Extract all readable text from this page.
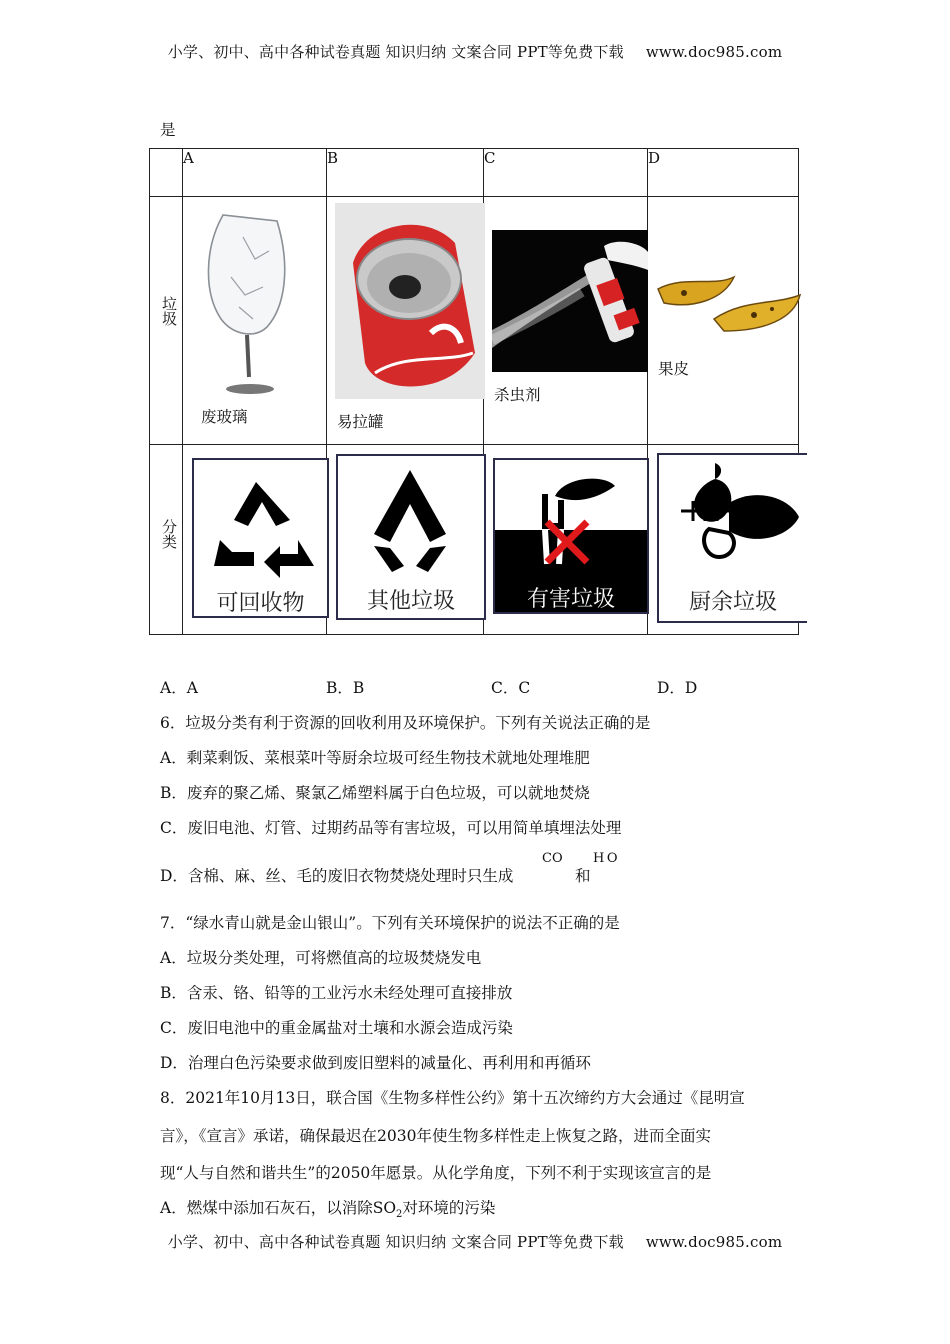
小学、初中、高中各种试卷真题 知识归纳 文案合同 PPT等免费下载 www.doc985.com
是
	A	B	C	D

垃圾	废玻璃	易拉罐	杀虫剂	果皮

分类	可回收物	其他垃圾	有害垃圾	厨余垃圾
A．A	B．B	C．C	D．D
6．垃圾分类有利于资源的回收利用及环境保护。下列有关说法正确的是
A．剩菜剩饭、菜根菜叶等厨余垃圾可经生物技术就地处理堆肥
B．废弃的聚乙烯、聚氯乙烯塑料属于白色垃圾，可以就地焚烧
C．废旧电池、灯管、过期药品等有害垃圾，可以用简单填埋法处理
D．含棉、麻、丝、毛的废旧衣物焚烧处理时只生成
CO
和
H O
7．“绿水青山就是金山银山”。下列有关环境保护的说法不正确的是
A．垃圾分类处理，可将燃值高的垃圾焚烧发电
B．含汞、铬、铅等的工业污水未经处理可直接排放
C．废旧电池中的重金属盐对土壤和水源会造成污染
D．治理白色污染要求做到废旧塑料的减量化、再利用和再循环
8．2021年10月13日，联合国《生物多样性公约》第十五次缔约方大会通过《昆明宣
言》，《宣言》承诺，确保最迟在2030年使生物多样性走上恢复之路，进而全面实
现“人与自然和谐共生”的2050年愿景。从化学角度，下列不利于实现该宣言的是
A．燃煤中添加石灰石，以消除$SO_2$对环境的污染
小学、初中、高中各种试卷真题 知识归纳 文案合同 PPT等免费下载 www.doc985.com
